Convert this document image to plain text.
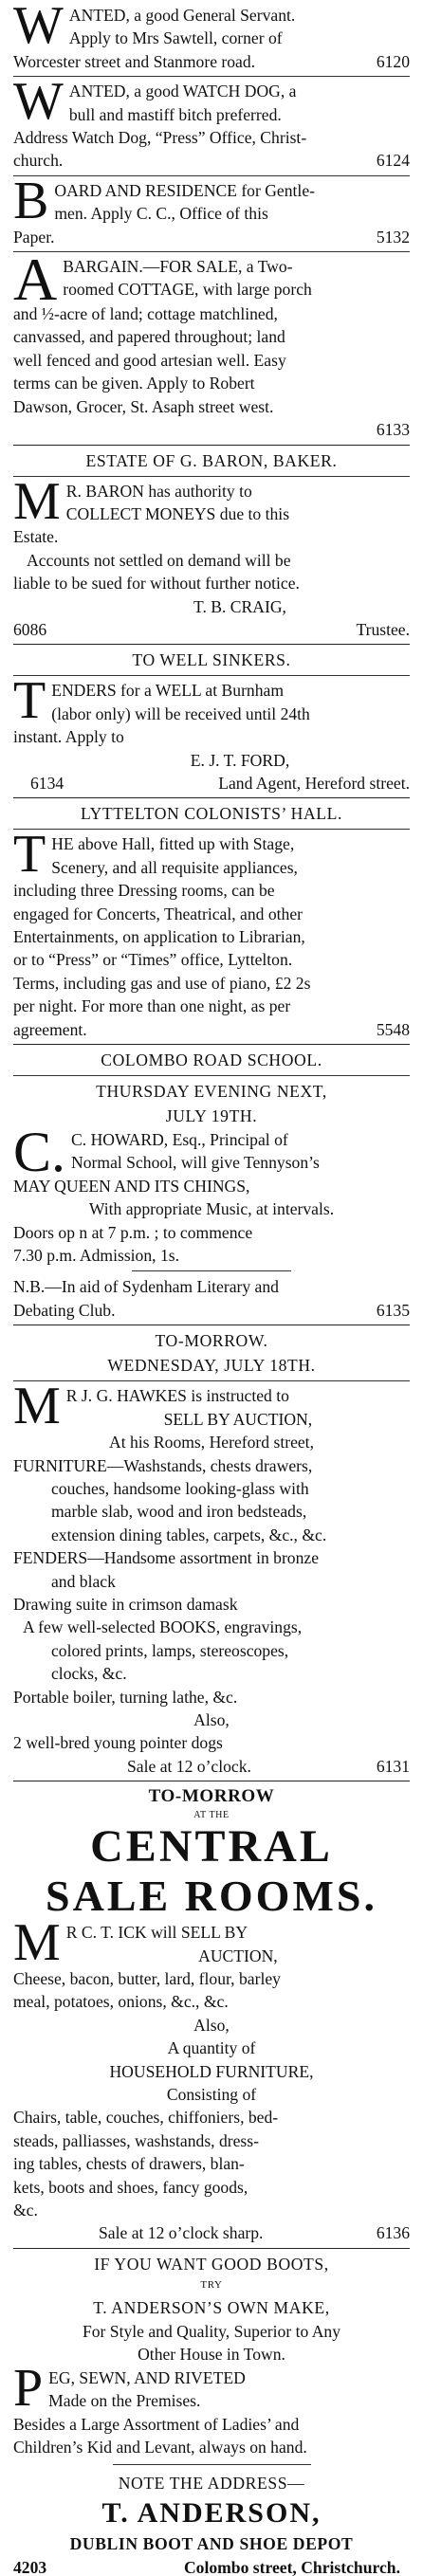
W ANTED, a good General Servant.
Apply to Mrs Sawtell, corner of
Worcester street and Stanmore road.	6120
W ANTED, a good WATCH DOG, a
bull and mastiff bitch preferred.
Address Watch Dog, “Press” Office, Christ-
church.	6124
B OARD AND RESIDENCE for Gentle-
men. Apply C. C., Office of this
Paper.	5132
A BARGAIN.—FOR SALE, a Two-
roomed COTTAGE, with large porch
and ½-acre of land; cottage matchlined,
canvassed, and papered throughout; land
well fenced and good artesian well. Easy
terms can be given. Apply to Robert
Dawson, Grocer, St. Asaph street west.
6133
ESTATE OF G. BARON, BAKER.
M R. BARON has authority to
COLLECT MONEYS due to this
Estate.
Accounts not settled on demand will be
liable to be sued for without further notice.
T. B. CRAIG,
6086	Trustee.
TO WELL SINKERS.
T ENDERS for a WELL at Burnham
(labor only) will be received until 24th
instant. Apply to
E. J. T. FORD,
6134	Land Agent, Hereford street.
LYTTELTON COLONISTS’ HALL.
T HE above Hall, fitted up with Stage,
Scenery, and all requisite appliances,
including three Dressing rooms, can be
engaged for Concerts, Theatrical, and other
Entertainments, on application to Librarian,
or to “Press” or “Times” office, Lyttelton.
Terms, including gas and use of piano, £2 2s
per night. For more than one night, as per
agreement.	5548
COLOMBO ROAD SCHOOL.
THURSDAY EVENING NEXT,
JULY 19TH.
C. C. HOWARD, Esq., Principal of
Normal School, will give Tennyson’s
MAY QUEEN AND ITS CHINGS,
With appropriate Music, at intervals.
Doors op n at 7 p.m. ; to commence
7.30 p.m. Admission, 1s.
N.B.—In aid of Sydenham Literary and
Debating Club.	6135
TO-MORROW.
WEDNESDAY, JULY 18TH.
M R J. G. HAWKES is instructed to
SELL BY AUCTION,
At his Rooms, Hereford street,
FURNITURE—Washstands, chests drawers,
couches, handsome looking-glass with
marble slab, wood and iron bedsteads,
extension dining tables, carpets, &c., &c.
FENDERS—Handsome assortment in bronze
and black
Drawing suite in crimson damask
A few well-selected BOOKS, engravings,
colored prints, lamps, stereoscopes,
clocks, &c.
Portable boiler, turning lathe, &c.
Also,
2 well-bred young pointer dogs
Sale at 12 o’clock.	6131
TO-MORROW
AT THE
CENTRAL
SALE ROOMS.
M R C. T. ICK will SELL BY
AUCTION,
Cheese, bacon, butter, lard, flour, barley
meal, potatoes, onions, &c., &c.
Also,
A quantity of
HOUSEHOLD FURNITURE,
Consisting of
Chairs, table, couches, chiffoniers, bed-
steads, palliasses, washstands, dress-
ing tables, chests of drawers, blan-
kets, boots and shoes, fancy goods,
&c.
Sale at 12 o’clock sharp.	6136
IF YOU WANT GOOD BOOTS,
TRY
T. ANDERSON’S OWN MAKE,
For Style and Quality, Superior to Any
Other House in Town.
P EG, SEWN, AND RIVETED
Made on the Premises.
Besides a Large Assortment of Ladies’ and
Children’s Kid and Levant, always on hand.
NOTE THE ADDRESS—
T. ANDERSON,
DUBLIN BOOT AND SHOE DEPOT
4203	Colombo street, Christchurch.
